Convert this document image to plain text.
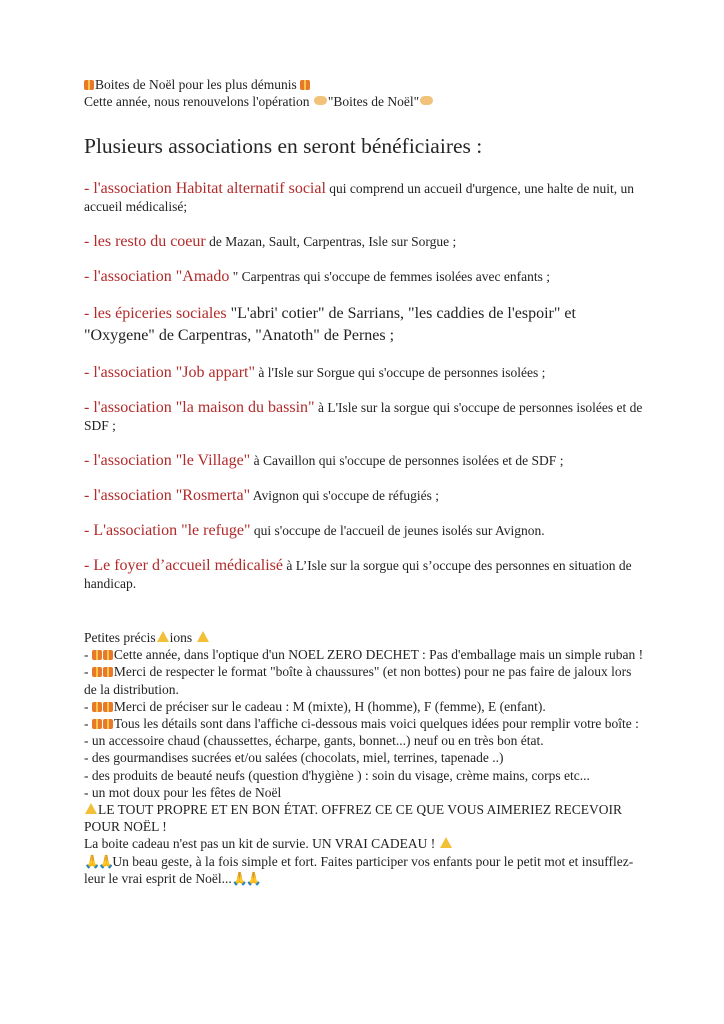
Boites de Noël pour les plus démunis
Cette année, nous renouvelons l'opération "Boites de Noël"
Plusieurs associations en seront bénéficiaires :

- l'association Habitat alternatif social qui comprend un accueil d'urgence, une halte de nuit, un accueil médicalisé;

- les resto du coeur de Mazan, Sault, Carpentras, Isle sur Sorgue ;

- l'association "Amado " Carpentras qui s'occupe de femmes isolées avec enfants ;

- les épiceries sociales "L'abri' cotier" de Sarrians, "les caddies de l'espoir" et "Oxygene" de Carpentras, "Anatoth" de Pernes ;

- l'association "Job appart" à l'Isle sur Sorgue qui s'occupe de personnes isolées ;

- l'association "la maison du bassin" à L'Isle sur la sorgue qui s'occupe de personnes isolées et de SDF ;

- l'association "le Village" à Cavaillon qui s'occupe de personnes isolées et de SDF ;

- l'association "Rosmerta" Avignon qui s'occupe de réfugiés ;

- L'association "le refuge" qui s'occupe de l'accueil de jeunes isolés sur Avignon.

- Le foyer d’accueil médicalisé à L’Isle sur la sorgue qui s’occupe des personnes en situation de handicap.

Petites précis ions

- Cette année, dans l'optique d'un NOEL ZERO DECHET : Pas d'emballage mais un simple ruban !

- Merci de respecter le format "boîte à chaussures" (et non bottes) pour ne pas faire de jaloux lors de la distribution.

- Merci de préciser sur le cadeau : M (mixte), H (homme), F (femme), E (enfant).

- Tous les détails sont dans l'affiche ci-dessous mais voici quelques idées pour remplir votre boîte :

- un accessoire chaud (chaussettes, écharpe, gants, bonnet...) neuf ou en très bon état.

- des gourmandises sucrées et/ou salées (chocolats, miel, terrines, tapenade ..)

- des produits de beauté neufs (question d'hygiène ) : soin du visage, crème mains, corps etc...

- un mot doux pour les fêtes de Noël

LE TOUT PROPRE ET EN BON ÉTAT. OFFREZ CE CE QUE VOUS AIMERIEZ RECEVOIR POUR NOËL !

La boite cadeau n'est pas un kit de survie. UN VRAI CADEAU !

🙏🙏Un beau geste, à la fois simple et fort. Faites participer vos enfants pour le petit mot et insufflez-leur le vrai esprit de Noël...🙏🙏
